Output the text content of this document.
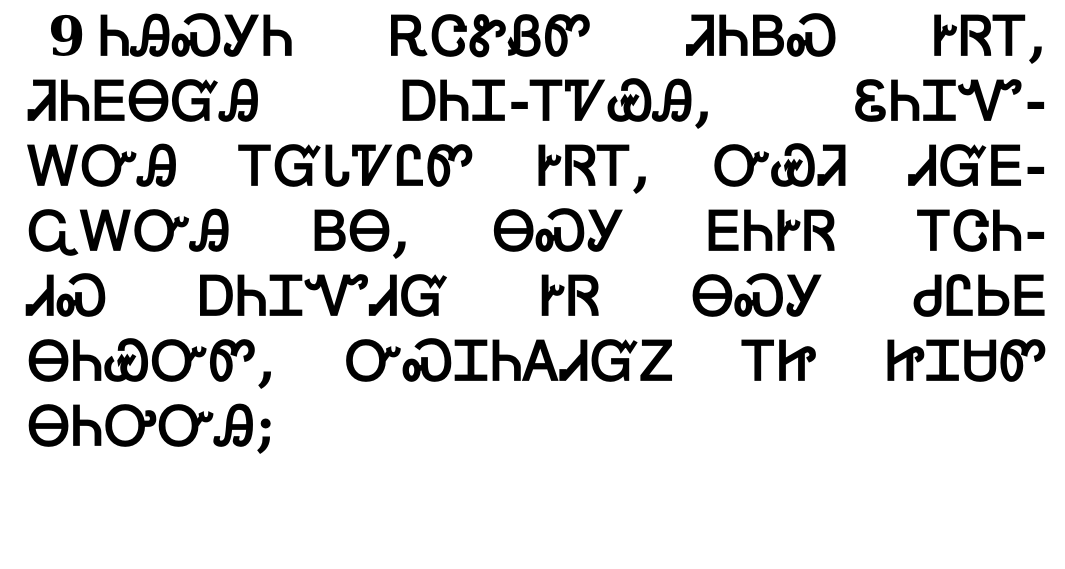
9 ᏂᎯᏍᎩᏂ ᎡᏣᏑᏰᏛ ᏘᏂᏴᏍ ᎨᏒᎢ,
ᏘᏂᎬᎾᏳᎯ ᎠᏂᏆ-ᎢᏤᏯᎯ, ᏋᏂᏆᏉ-
ᎳᏅᎯ ᎢᏳᏓᏤᏝᏛ ᎨᏒᎢ, ᏅᏯᏘ ᏗᏳᎬ-
ᏩᎳᏅᎯ ᏴᎾ, ᎾᏍᎩ ᎬᏂᎨᏒ ᎢᏣᏂ-
ᏗᏍ ᎠᏂᏆᏉᏗᏳ ᎨᏒ ᎾᏍᎩ ᏧᏝᏏᎬ
ᎾᏂᏯᏅᏛ, ᏅᏍᏆᏂᎪᏗᏳᏃ ᎢᏥ ᏥᏆᏌᏛ
ᎾᏂᎤᏅᎯ;
